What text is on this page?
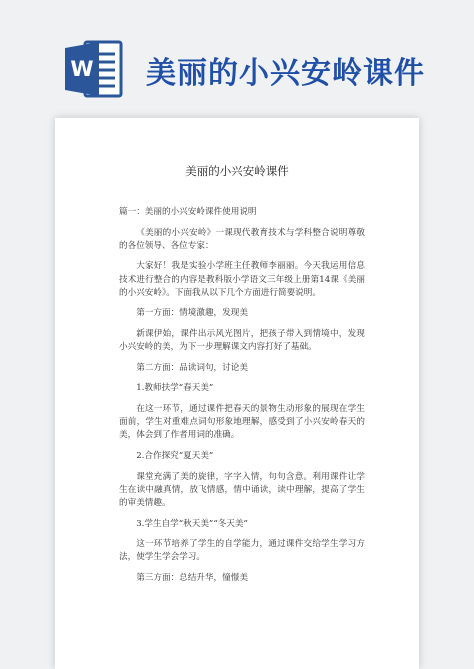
W 美丽的小兴安岭课件
美丽的小兴安岭课件

篇一：美丽的小兴安岭课件使用说明

《美丽的小兴安岭》一课现代教育技术与学科整合说明尊敬的各位领导、各位专家：

大家好！我是实验小学班主任教师李丽丽。今天我运用信息技术进行整合的内容是教科版小学语文三年级上册第14课《美丽的小兴安岭》。下面我从以下几个方面进行简要说明。

第一方面：情境激趣，发现美

新课伊始，课件出示风光图片，把孩子带入到情境中，发现小兴安岭的美，为下一步理解课文内容打好了基础。

第二方面：品读词句，讨论美

1.教师扶学“春天美”

在这一环节，通过课件把春天的景物生动形象的展现在学生面前，学生对重难点词句形象地理解，感受到了小兴安岭春天的美，体会到了作者用词的准确。

2.合作探究“夏天美”

课堂充满了美的旋律，字字入情，句句含意。利用课件让学生在读中融真情，放飞情感，情中诵读，读中理解，提高了学生的审美情趣。

3.学生自学“秋天美”“冬天美”

这一环节培养了学生的自学能力，通过课件交给学生学习方法，使学生学会学习。

第三方面：总结升华，憧憬美
